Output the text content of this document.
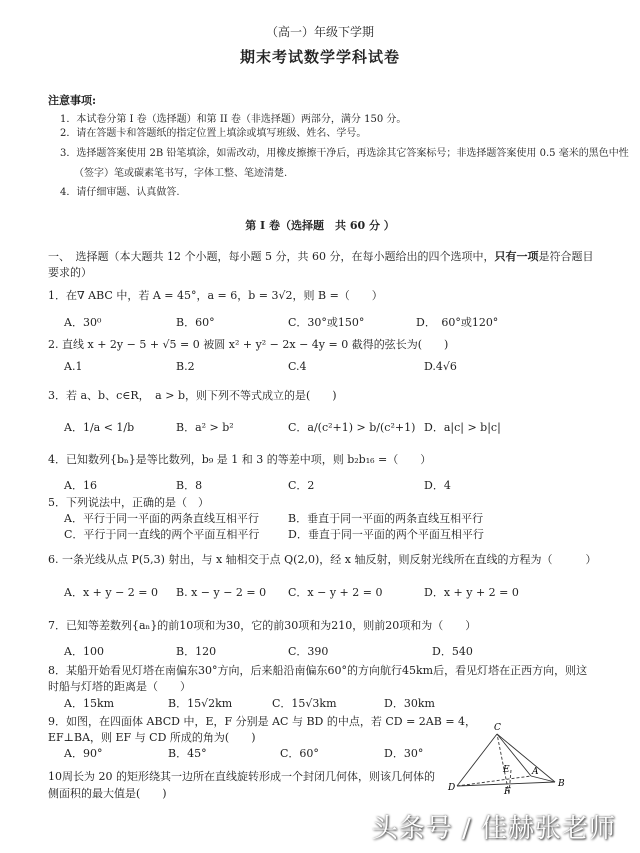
（高一）年级下学期
期末考试数学学科试卷
注意事项:
1．本试卷分第 I 卷（选择题）和第 II 卷（非选择题）两部分，满分 150 分。
2．请在答题卡和答题纸的指定位置上填涂或填写班级、姓名、学号。
3．选择题答案使用 2B 铅笔填涂，如需改动，用橡皮擦擦干净后，再选涂其它答案标号；非选择题答案使用 0.5 毫米的黑色中性
（签字）笔或碳素笔书写，字体工整、笔迹清楚.
4．请仔细审题、认真做答.
第 I 卷（选择题　共 60 分 ）
一、　选择题（本大题共 12 个小题，每小题 5 分，共 60 分，在每小题给出的四个选项中，只有一项是符合题目
要求的）
1．在∇ ABC 中，若 A = 45°，a = 6，b = 3√2，则 B =（　　）
A．30⁰	B．60°	C．30°或150°	D．　60°或120°
2. 直线 x + 2y − 5 + √5 = 0 被圆 x² + y² − 2x − 4y = 0 截得的弦长为(　　)
A.1	B.2	C.4	D.4√6
3．若 a、b、c∈R，　a > b，则下列不等式成立的是(　　)
A．1/a < 1/b	B．a² > b²	C．a/(c²+1) > b/(c²+1) D．a|c| > b|c|
4．已知数列{bₙ}是等比数列，b₉ 是 1 和 3 的等差中项，则 b₂b₁₆ =（　　）
A．16	B．8	C．2	D．4
5．下列说法中，正确的是（　）
A．平行于同一平面的两条直线互相平行	B．垂直于同一平面的两条直线互相平行
C．平行于同一直线的两个平面互相平行	D．垂直于同一平面的两个平面互相平行
6. 一条光线从点 P(5,3) 射出，与 x 轴相交于点 Q(2,0)，经 x 轴反射，则反射光线所在直线的方程为（　　　）
A．x + y − 2 = 0 B. x − y − 2 = 0 C．x − y + 2 = 0	D．x + y + 2 = 0
7．已知等差数列{aₙ}的前10项和为30，它的前30项和为210，则前20项和为（　　）
A．100	B．120	C．390	D．540
8．某船开始看见灯塔在南偏东30°方向，后来船沿南偏东60°的方向航行45km后，看见灯塔在正西方向，则这
时船与灯塔的距离是（　　）
A．15km	B．15√2km	C．15√3km	D．30km
9．如图，在四面体 ABCD 中，E，F 分别是 AC 与 BD 的中点，若 CD = 2AB = 4，
EF⊥BA，则 EF 与 CD 所成的角为(　　)
A．90°	B．45°	C．60°	D．30°
10周长为 20 的矩形绕其一边所在直线旋转形成一个封闭几何体，则该几何体的
侧面积的最大值是(　　)
C
E A
D	F
B
头条号 / 佳赫张老师
